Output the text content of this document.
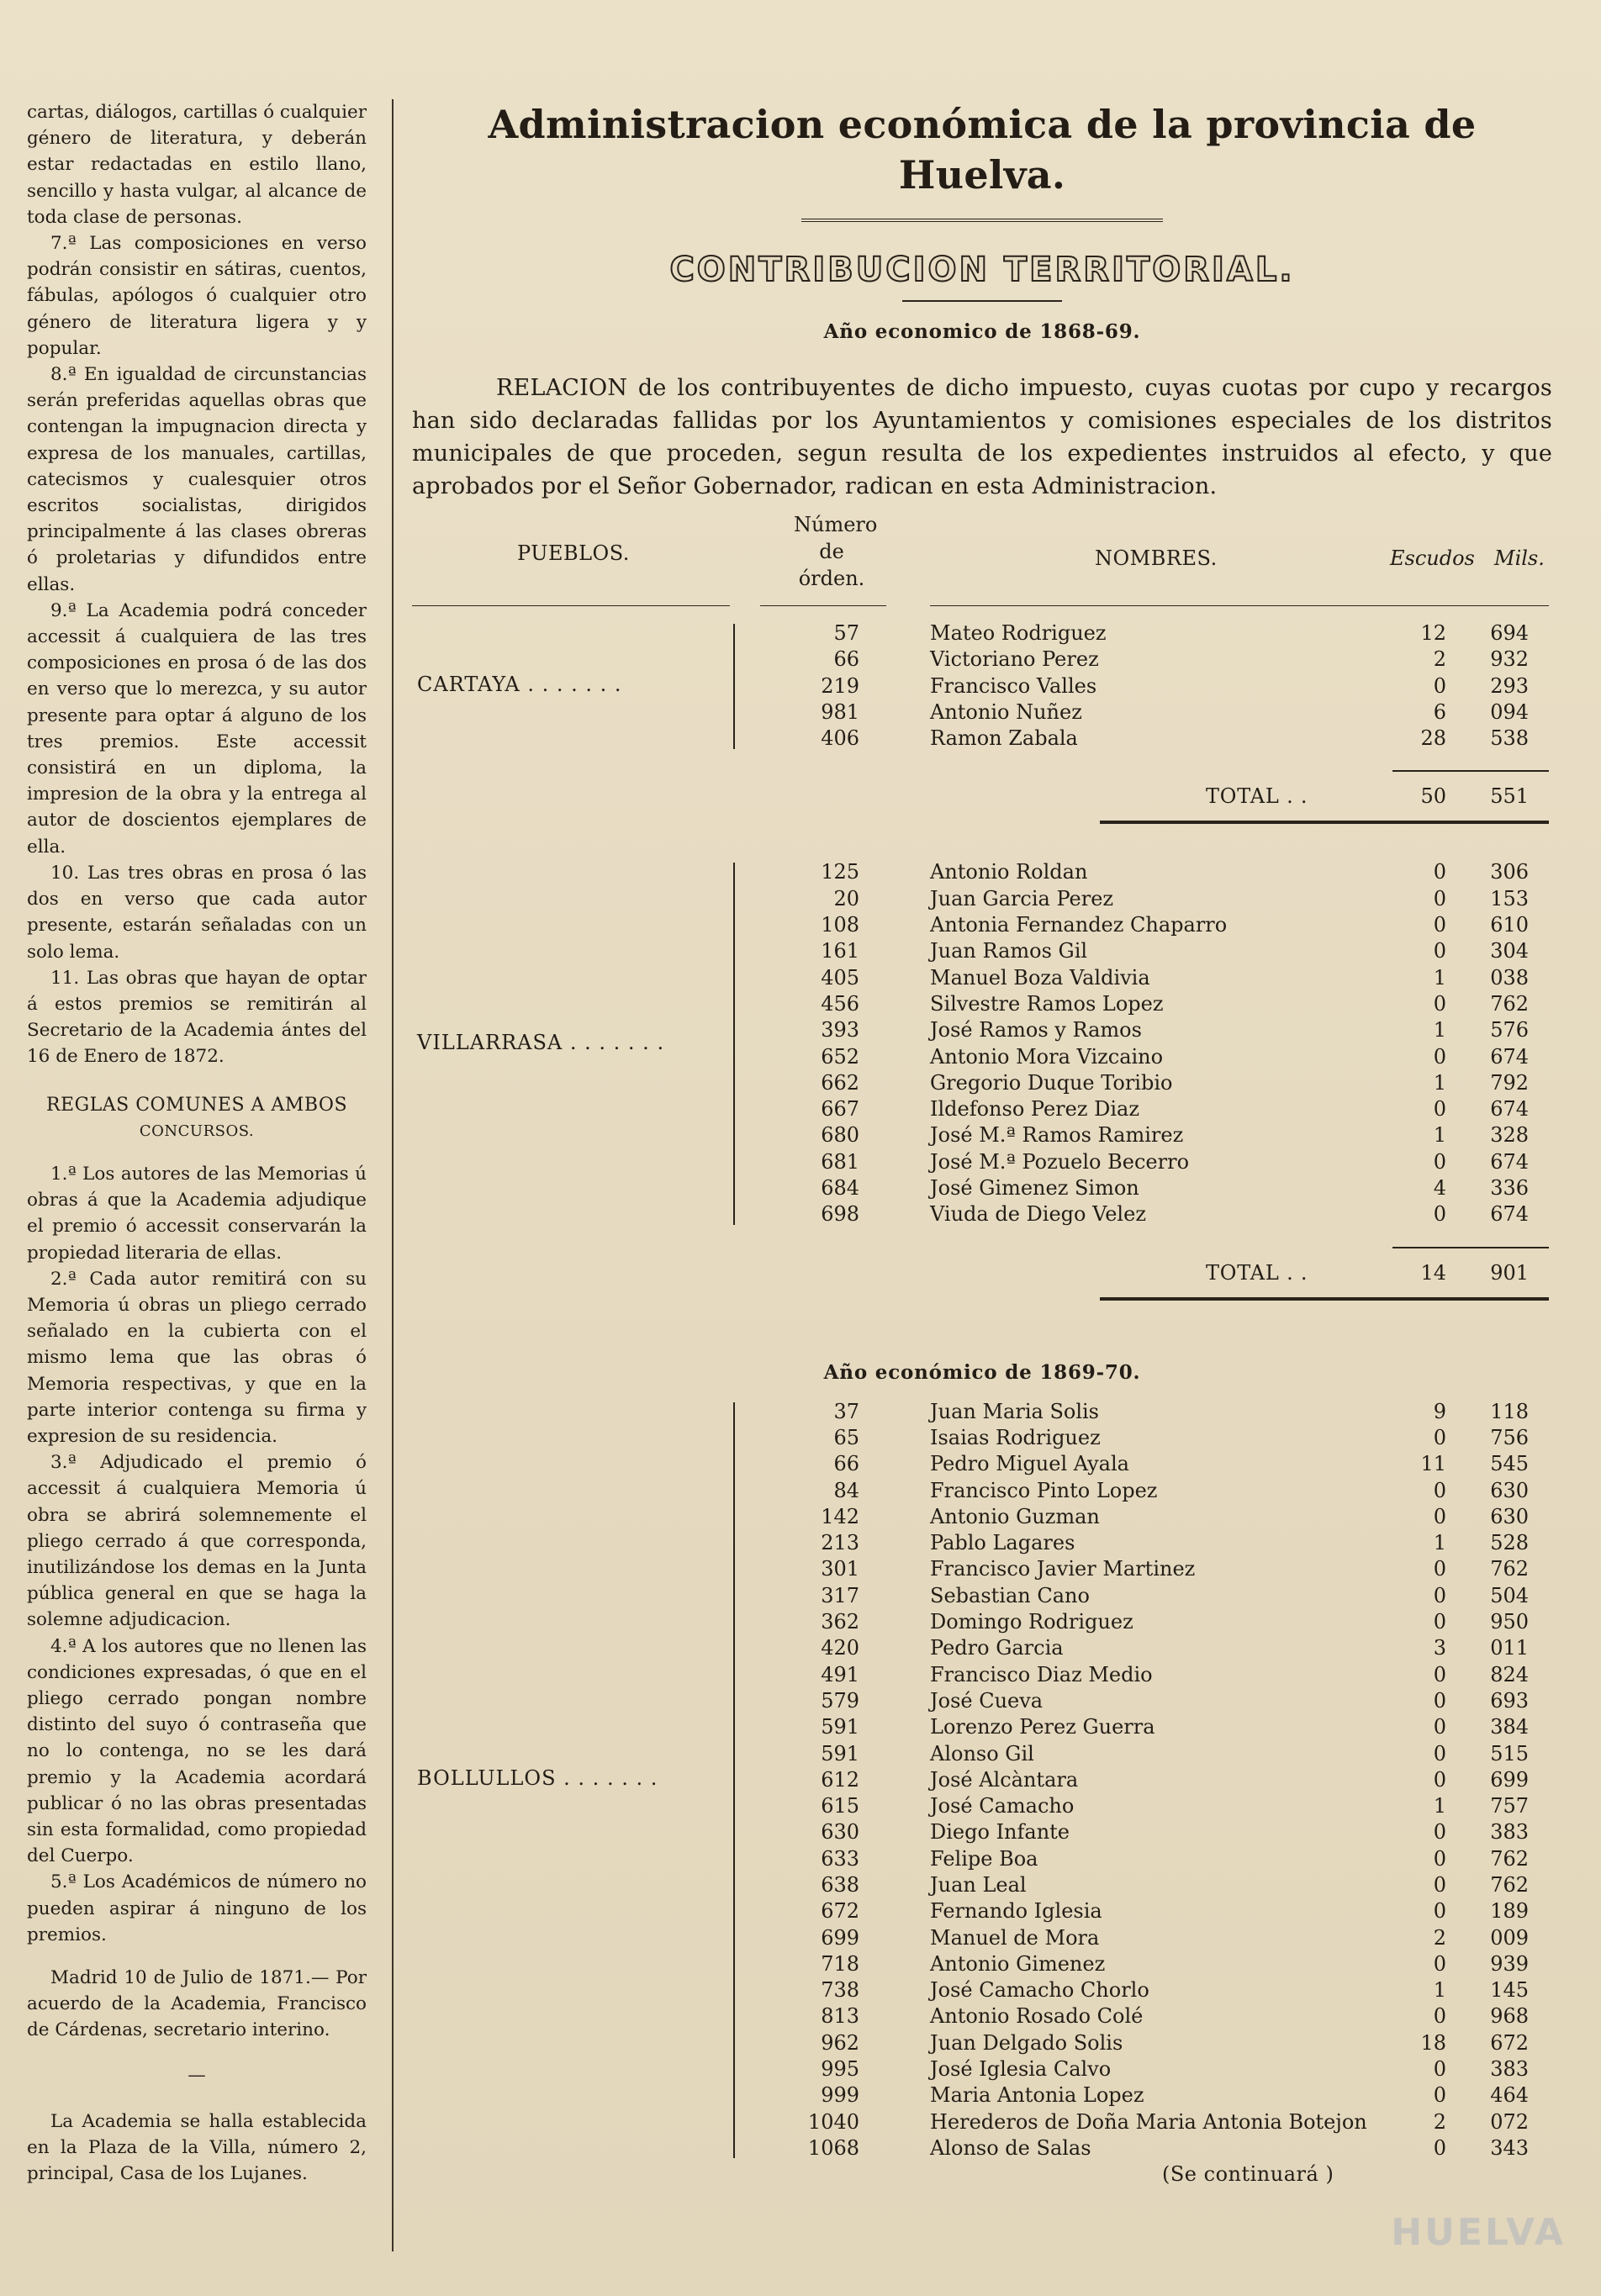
cartas, diálogos, cartillas ó cualquier género de literatura, y deberán estar redactadas en estilo llano, sencillo y hasta vulgar, al alcance de toda clase de personas.

7.ª Las composiciones en verso podrán consistir en sátiras, cuentos, fábulas, apólogos ó cualquier otro género de literatura ligera y y popular.

8.ª En igualdad de circunstancias serán preferidas aquellas obras que contengan la impugnacion directa y expresa de los manuales, cartillas, catecismos y cualesquier otros escritos socialistas, dirigidos principalmente á las clases obreras ó proletarias y difundidos entre ellas.

9.ª La Academia podrá conceder accessit á cualquiera de las tres composiciones en prosa ó de las dos en verso que lo merezca, y su autor presente para optar á alguno de los tres premios. Este accessit consistirá en un diploma, la impresion de la obra y la entrega al autor de doscientos ejemplares de ella.

10. Las tres obras en prosa ó las dos en verso que cada autor presente, estarán señaladas con un solo lema.

11. Las obras que hayan de optar á estos premios se remitirán al Secretario de la Academia ántes del 16 de Enero de 1872.

REGLAS COMUNES A AMBOS

CONCURSOS.

1.ª Los autores de las Memorias ú obras á que la Academia adjudique el premio ó accessit conservarán la propiedad literaria de ellas.

2.ª Cada autor remitirá con su Memoria ú obras un pliego cerrado señalado en la cubierta con el mismo lema que las obras ó Memoria respectivas, y que en la parte interior contenga su firma y expresion de su residencia.

3.ª Adjudicado el premio ó accessit á cualquiera Memoria ú obra se abrirá solemnemente el pliego cerrado á que corresponda, inutilizándose los demas en la Junta pública general en que se haga la solemne adjudicacion.

4.ª A los autores que no llenen las condiciones expresadas, ó que en el pliego cerrado pongan nombre distinto del suyo ó contraseña que no lo contenga, no se les dará premio y la Academia acordará publicar ó no las obras presentadas sin esta formalidad, como propiedad del Cuerpo.

5.ª Los Académicos de número no pueden aspirar á ninguno de los premios.

Madrid 10 de Julio de 1871.— Por acuerdo de la Academia, Francisco de Cárdenas, secretario interino.

—

La Academia se halla establecida en la Plaza de la Villa, número 2, principal, Casa de los Lujanes.

Administracion económica de la provincia de Huelva.
CONTRIBUCION TERRITORIAL.

Año economico de 1868-69.

RELACION de los contribuyentes de dicho impuesto, cuyas cuotas por cupo y recargos han sido declaradas fallidas por los Ayuntamientos y comisiones especiales de los distritos municipales de que proceden, segun resulta de los expedientes instruidos al efecto, y que aprobados por el Señor Gobernador, radican en esta Administracion.

PUEBLOS.
Número
de
órden.
NOMBRES.	Escudos Mils.
57	Mateo Rodriguez	12	694
66	Victoriano Perez	2	932
219	Francisco Valles	0	293
981	Antonio Nuñez	6	094
406	Ramon Zabala	28	538
CARTAYA . . . . . . .
TOTAL . .	50	551
125	Antonio Roldan	0	306
20	Juan Garcia Perez	0	153
108	Antonia Fernandez Chaparro	0	610
161	Juan Ramos Gil	0	304
405	Manuel Boza Valdivia	1	038
456	Silvestre Ramos Lopez	0	762
393	José Ramos y Ramos	1	576
652	Antonio Mora Vizcaino	0	674
662	Gregorio Duque Toribio	1	792
667	Ildefonso Perez Diaz	0	674
680	José M.ª Ramos Ramirez	1	328
681	José M.ª Pozuelo Becerro	0	674
684	José Gimenez Simon	4	336
698	Viuda de Diego Velez	0	674
VILLARRASA . . . . . . .
TOTAL . .	14	901

Año económico de 1869-70.

37	Juan Maria Solis	9	118
65	Isaias Rodriguez	0	756
66	Pedro Miguel Ayala	11	545
84	Francisco Pinto Lopez	0	630
142	Antonio Guzman	0	630
213	Pablo Lagares	1	528
301	Francisco Javier Martinez	0	762
317	Sebastian Cano	0	504
362	Domingo Rodriguez	0	950
420	Pedro Garcia	3	011
491	Francisco Diaz Medio	0	824
579	José Cueva	0	693
591	Lorenzo Perez Guerra	0	384
591	Alonso Gil	0	515
612	José Alcàntara	0	699
615	José Camacho	1	757
630	Diego Infante	0	383
633	Felipe Boa	0	762
638	Juan Leal	0	762
672	Fernando Iglesia	0	189
699	Manuel de Mora	2	009
718	Antonio Gimenez	0	939
738	José Camacho Chorlo	1	145
813	Antonio Rosado Colé	0	968
962	Juan Delgado Solis	18	672
995	José Iglesia Calvo	0	383
999	Maria Antonia Lopez	0	464
1040	Herederos de Doña Maria Antonia Botejon	2	072
1068	Alonso de Salas	0	343
BOLLULLOS . . . . . . .
(Se continuará )
HUELVA
